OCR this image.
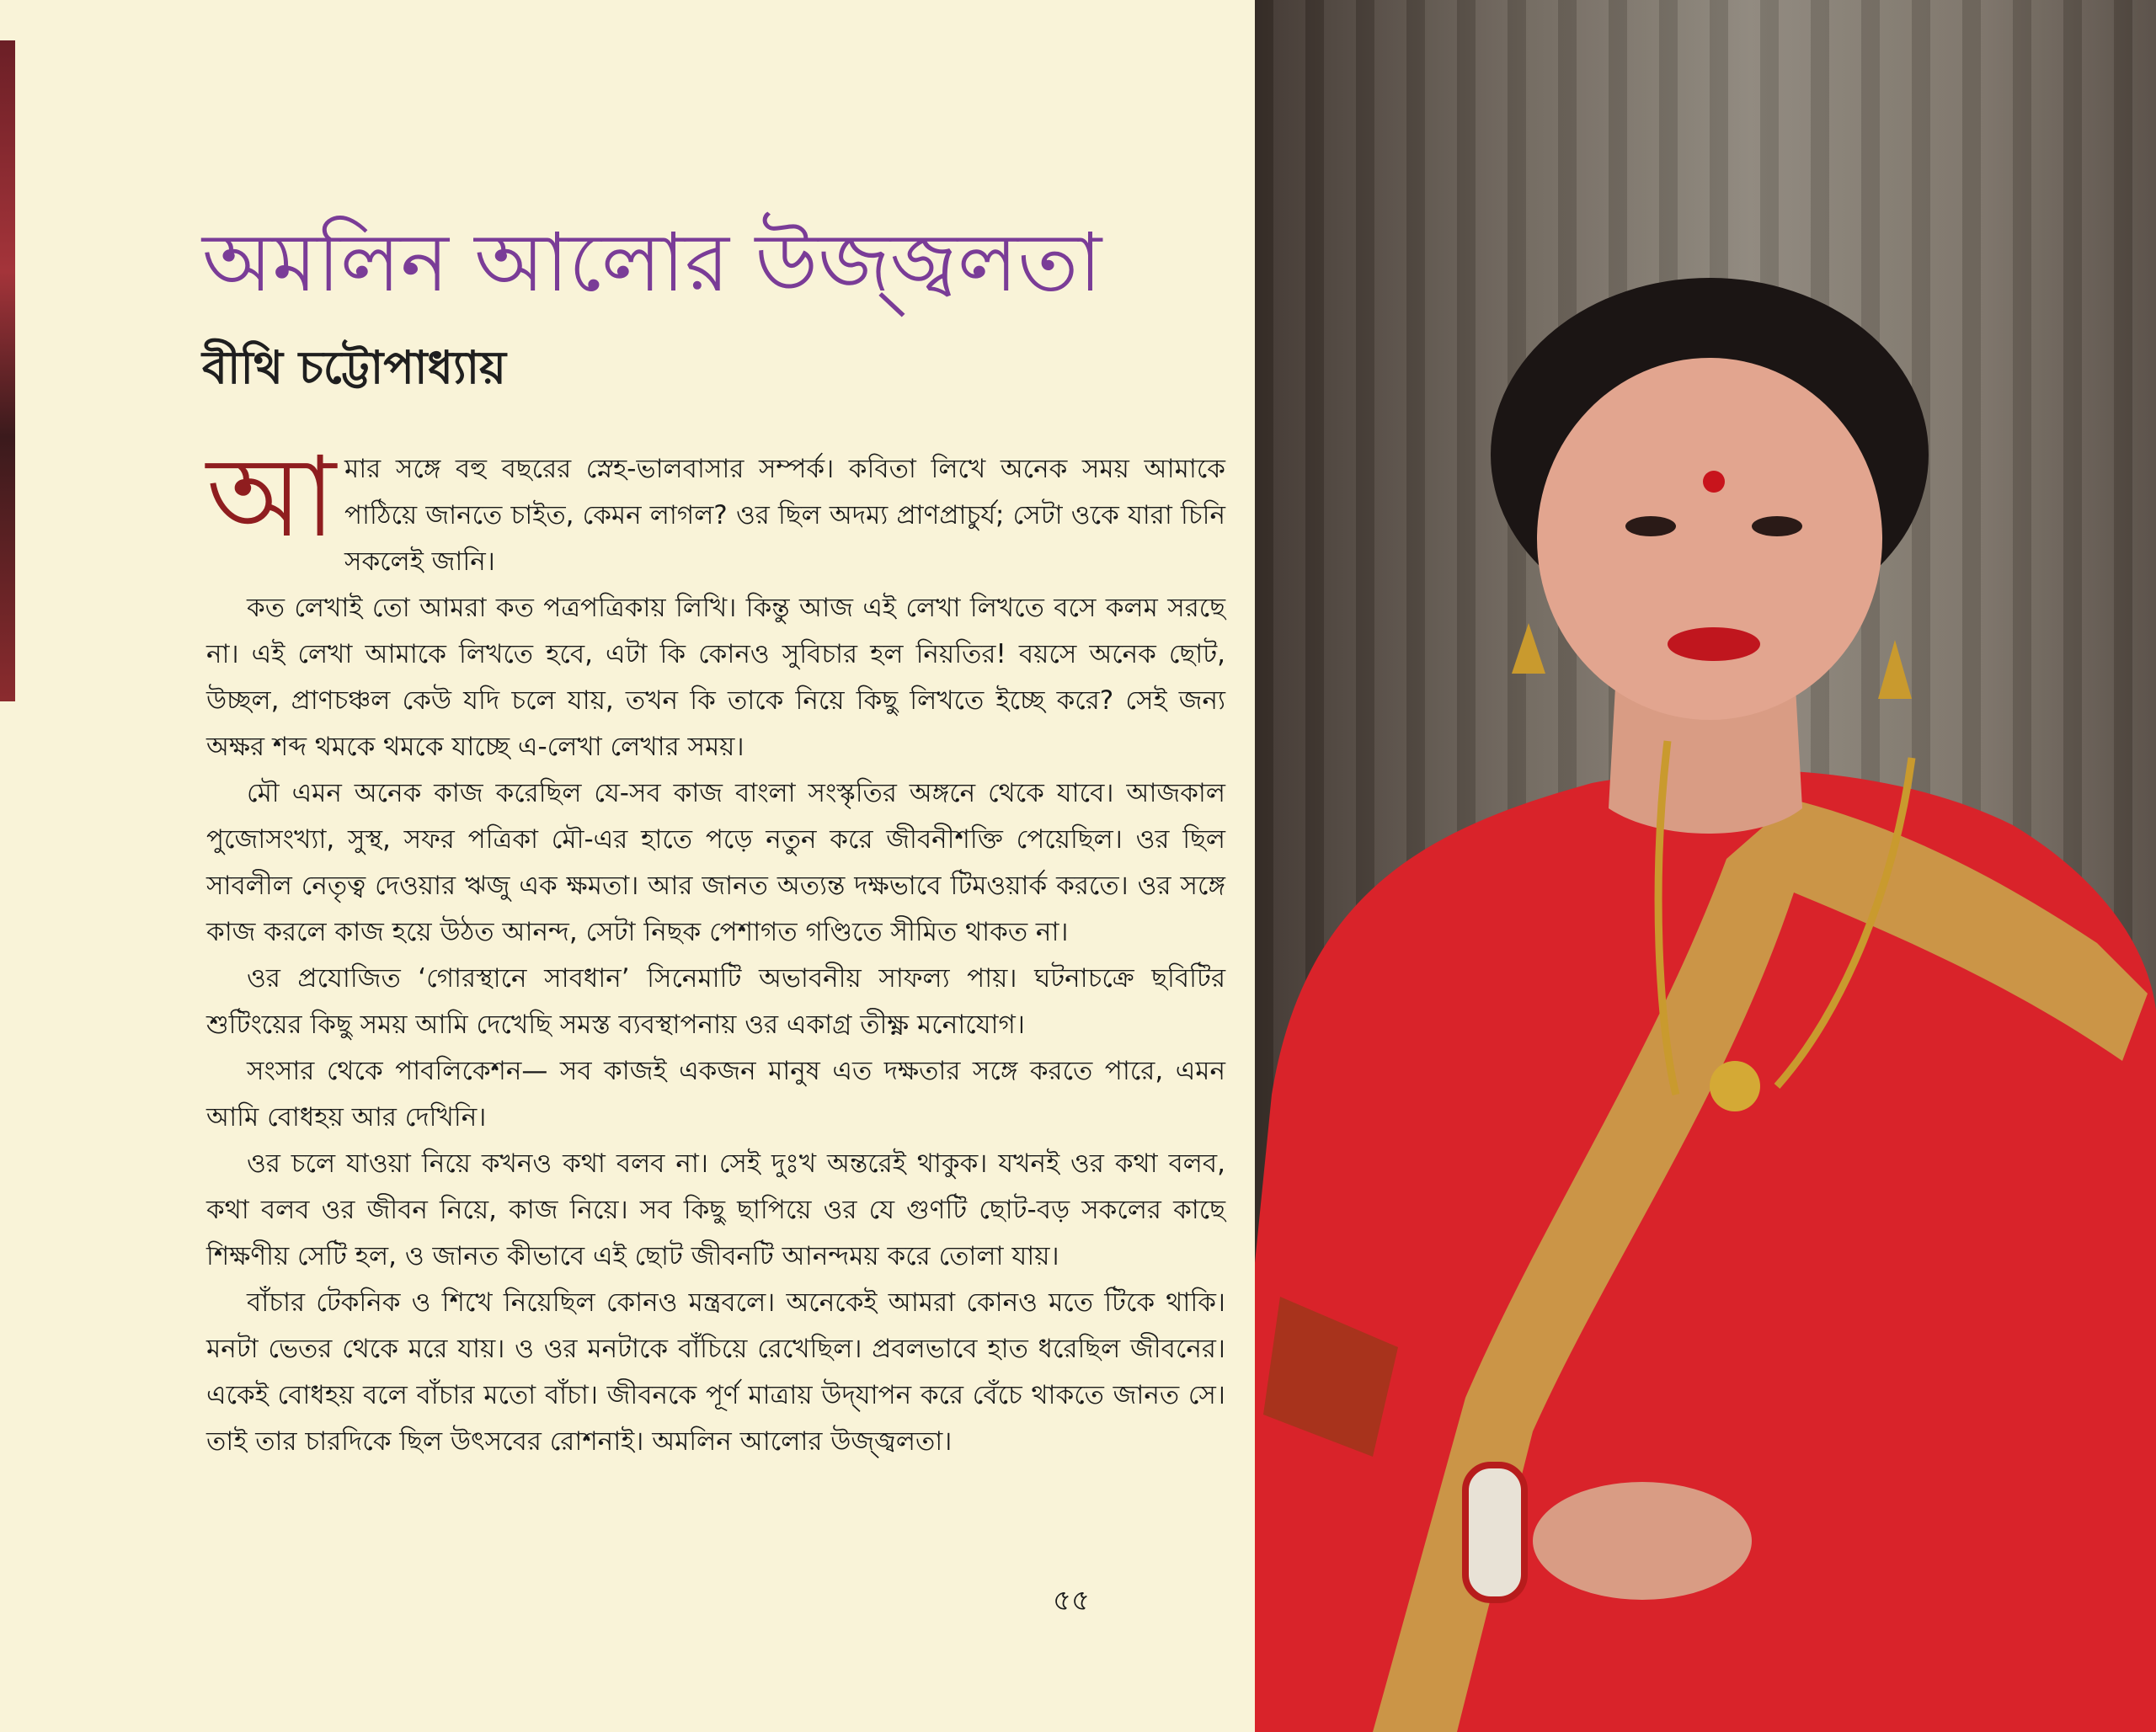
অমলিন আলোর উজ্জ্বলতা
বীথি চট্টোপাধ্যায়

আমার সঙ্গে বহু বছরের স্নেহ-ভালবাসার সম্পর্ক। কবিতা লিখে অনেক সময় আমাকে পাঠিয়ে জানতে চাইত, কেমন লাগল? ওর ছিল অদম্য প্রাণপ্রাচুর্য; সেটা ওকে যারা চিনি সকলেই জানি।

কত লেখাই তো আমরা কত পত্রপত্রিকায় লিখি। কিন্তু আজ এই লেখা লিখতে বসে কলম সরছে না। এই লেখা আমাকে লিখতে হবে, এটা কি কোনও সুবিচার হল নিয়তির! বয়সে অনেক ছোট, উচ্ছল, প্রাণচঞ্চল কেউ যদি চলে যায়, তখন কি তাকে নিয়ে কিছু লিখতে ইচ্ছে করে? সেই জন্য অক্ষর শব্দ থমকে থমকে যাচ্ছে এ-লেখা লেখার সময়।

মৌ এমন অনেক কাজ করেছিল যে-সব কাজ বাংলা সংস্কৃতির অঙ্গনে থেকে যাবে। আজকাল পুজোসংখ্যা, সুস্থ, সফর পত্রিকা মৌ-এর হাতে পড়ে নতুন করে জীবনীশক্তি পেয়েছিল। ওর ছিল সাবলীল নেতৃত্ব দেওয়ার ঋজু এক ক্ষমতা। আর জানত অত্যন্ত দক্ষভাবে টিমওয়ার্ক করতে। ওর সঙ্গে কাজ করলে কাজ হয়ে উঠত আনন্দ, সেটা নিছক পেশাগত গণ্ডিতে সীমিত থাকত না।

ওর প্রযোজিত ‘গোরস্থানে সাবধান’ সিনেমাটি অভাবনীয় সাফল্য পায়। ঘটনাচক্রে ছবিটির শুটিংয়ের কিছু সময় আমি দেখেছি সমস্ত ব্যবস্থাপনায় ওর একাগ্র তীক্ষ্ণ মনোযোগ।

সংসার থেকে পাবলিকেশন— সব কাজই একজন মানুষ এত দক্ষতার সঙ্গে করতে পারে, এমন আমি বোধহয় আর দেখিনি।

ওর চলে যাওয়া নিয়ে কখনও কথা বলব না। সেই দুঃখ অন্তরেই থাকুক। যখনই ওর কথা বলব, কথা বলব ওর জীবন নিয়ে, কাজ নিয়ে। সব কিছু ছাপিয়ে ওর যে গুণটি ছোট-বড় সকলের কাছে শিক্ষণীয় সেটি হল, ও জানত কীভাবে এই ছোট জীবনটি আনন্দময় করে তোলা যায়।

বাঁচার টেকনিক ও শিখে নিয়েছিল কোনও মন্ত্রবলে। অনেকেই আমরা কোনও মতে টিকে থাকি। মনটা ভেতর থেকে মরে যায়। ও ওর মনটাকে বাঁচিয়ে রেখেছিল। প্রবলভাবে হাত ধরেছিল জীবনের। একেই বোধহয় বলে বাঁচার মতো বাঁচা। জীবনকে পূর্ণ মাত্রায় উদ্‌যাপন করে বেঁচে থাকতে জানত সে। তাই তার চারদিকে ছিল উৎসবের রোশনাই। অমলিন আলোর উজ্জ্বলতা।

৫৫
